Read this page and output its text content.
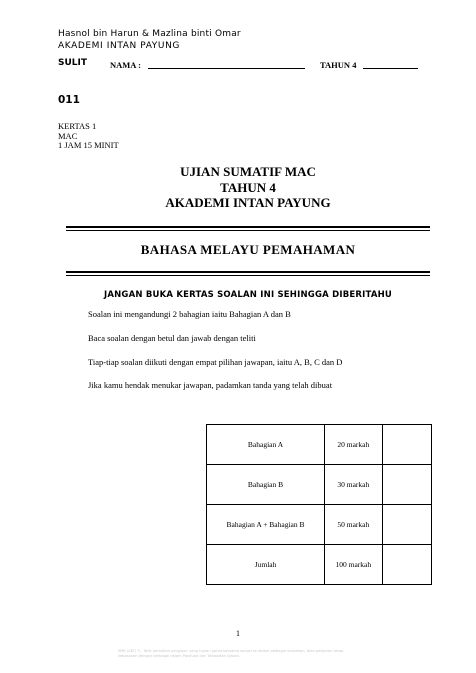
Hasnol bin Harun & Mazlina binti Omar
AKADEMI INTAN PAYUNG
SULIT	NAMA :	TAHUN 4
011
KERTAS 1
MAC
1 JAM 15 MINIT
UJIAN SUMATIF MAC
TAHUN 4
AKADEMI INTAN PAYUNG
BAHASA MELAYU PEMAHAMAN
JANGAN BUKA KERTAS SOALAN INI SEHINGGA DIBERITAHU
Soalan ini mengandungi 2 bahagian iaitu Bahagian A dan B
Baca soalan dengan betul dan jawab dengan teliti
Tiap-tiap soalan diikuti dengan empat pilihan jawapan, iaitu A, B, C dan D
Jika kamu hendak menukar jawapan, padamkan tanda yang telah dibuat
Bahagian A	20 markah	
Bahagian B	30 markah	
Bahagian A + Bahagian B	50 markah	
Jumlah	100 markah	
1
SMK (SKT) 3 - Tarik perhatian pengajar: sang tujuan pahat bersama sanijal ke dalam pelbagai sudahkan, bina pelajaran tetap kebosanan dengan berbagai dalam Panduan dan Tahapatan ulasan.
